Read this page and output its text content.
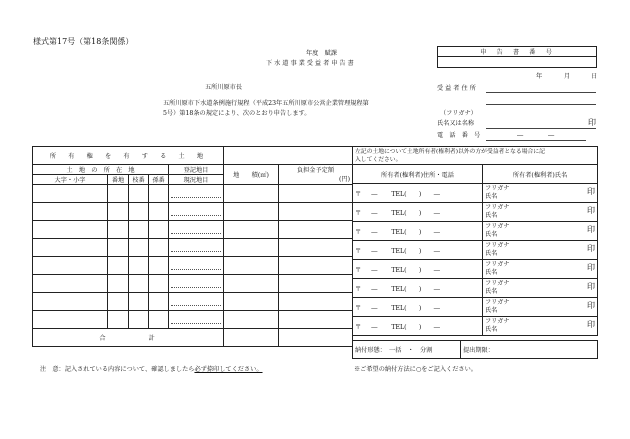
様式第17号（第18条関係）
申　告　書　番　号

年	月	日
年度　賦課
下 水 道 事 業 受 益 者 申 告 書
五所川原市長
五所川原市下水道条例施行規程（平成23年五所川原市公営企業管理規程第
5号）第18条の規定により、次のとおり申告します。
受 益 者 住 所
（フリガナ）
氏名又は名称	印
電　話　番　号	―	―
所　有　権　を　有　す　る　土　地						
土　地　の　所　在　地				登記地目	地　　積(㎡)	負担金予定額

(円)

大字・小字	番地	枝番	孫番	現況地目		

合　　　　　計						
左記の土地について土地所有者(権利者)以外の方が受益者となる場合に記
入してください。

所有者(権利者)住所・電話	所有者(権利者)氏名
〒 ― TEL(　　)　　―	フリガナ
氏名
印

〒 ― TEL(　　)　　―	フリガナ
氏名
印

〒 ― TEL(　　)　　―	フリガナ
氏名
印

〒 ― TEL(　　)　　―	フリガナ
氏名
印

〒 ― TEL(　　)　　―	フリガナ
氏名
印

〒 ― TEL(　　)　　―	フリガナ
氏名
印

〒 ― TEL(　　)　　―	フリガナ
氏名
印

〒 ― TEL(　　)　　―	フリガナ
氏名
印
納付形態：　一括　・　分割	提出期限：
注　意：記入されている内容について、確認しましたら必ず捺印してください。	※ご希望の納付方法に○をご記入ください。
